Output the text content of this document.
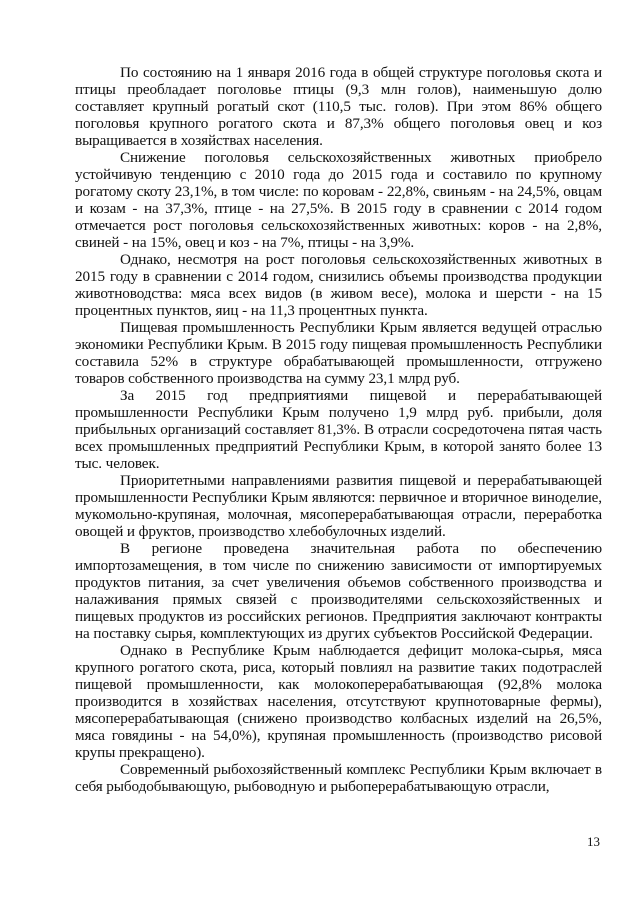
По состоянию на 1 января 2016 года в общей структуре поголовья скота и птицы преобладает поголовье птицы (9,3 млн голов), наименьшую долю составляет крупный рогатый скот (110,5 тыс. голов). При этом 86% общего поголовья крупного рогатого скота и 87,3% общего поголовья овец и коз выращивается в хозяйствах населения.

Снижение поголовья сельскохозяйственных животных приобрело устойчивую тенденцию с 2010 года до 2015 года и составило по крупному рогатому скоту 23,1%, в том числе: по коровам - 22,8%, свиньям - на 24,5%, овцам и козам - на 37,3%, птице - на 27,5%. В 2015 году в сравнении с 2014 годом отмечается рост поголовья сельскохозяйственных животных: коров - на 2,8%, свиней - на 15%, овец и коз - на 7%, птицы - на 3,9%.

Однако, несмотря на рост поголовья сельскохозяйственных животных в 2015 году в сравнении с 2014 годом, снизились объемы производства продукции животноводства: мяса всех видов (в живом весе), молока и шерсти - на 15 процентных пунктов, яиц - на 11,3 процентных пункта.

Пищевая промышленность Республики Крым является ведущей отраслью экономики Республики Крым. В 2015 году пищевая промышленность Республики составила 52% в структуре обрабатывающей промышленности, отгружено товаров собственного производства на сумму 23,1 млрд руб.

За 2015 год предприятиями пищевой и перерабатывающей промышленности Республики Крым получено 1,9 млрд руб. прибыли, доля прибыльных организаций составляет 81,3%. В отрасли сосредоточена пятая часть всех промышленных предприятий Республики Крым, в которой занято более 13 тыс. человек.

Приоритетными направлениями развития пищевой и перерабатывающей промышленности Республики Крым являются: первичное и вторичное виноделие, мукомольно-крупяная, молочная, мясоперерабатывающая отрасли, переработка овощей и фруктов, производство хлебобулочных изделий.

В регионе проведена значительная работа по обеспечению импортозамещения, в том числе по снижению зависимости от импортируемых продуктов питания, за счет увеличения объемов собственного производства и налаживания прямых связей с производителями сельскохозяйственных и пищевых продуктов из российских регионов. Предприятия заключают контракты на поставку сырья, комплектующих из других субъектов Российской Федерации.

Однако в Республике Крым наблюдается дефицит молока-сырья, мяса крупного рогатого скота, риса, который повлиял на развитие таких подотраслей пищевой промышленности, как молокоперерабатывающая (92,8% молока производится в хозяйствах населения, отсутствуют крупнотоварные фермы), мясоперерабатывающая (снижено производство колбасных изделий на 26,5%, мяса говядины - на 54,0%), крупяная промышленность (производство рисовой крупы прекращено).

Современный рыбохозяйственный комплекс Республики Крым включает в себя рыбодобывающую, рыбоводную и рыбоперерабатывающую отрасли,

13
